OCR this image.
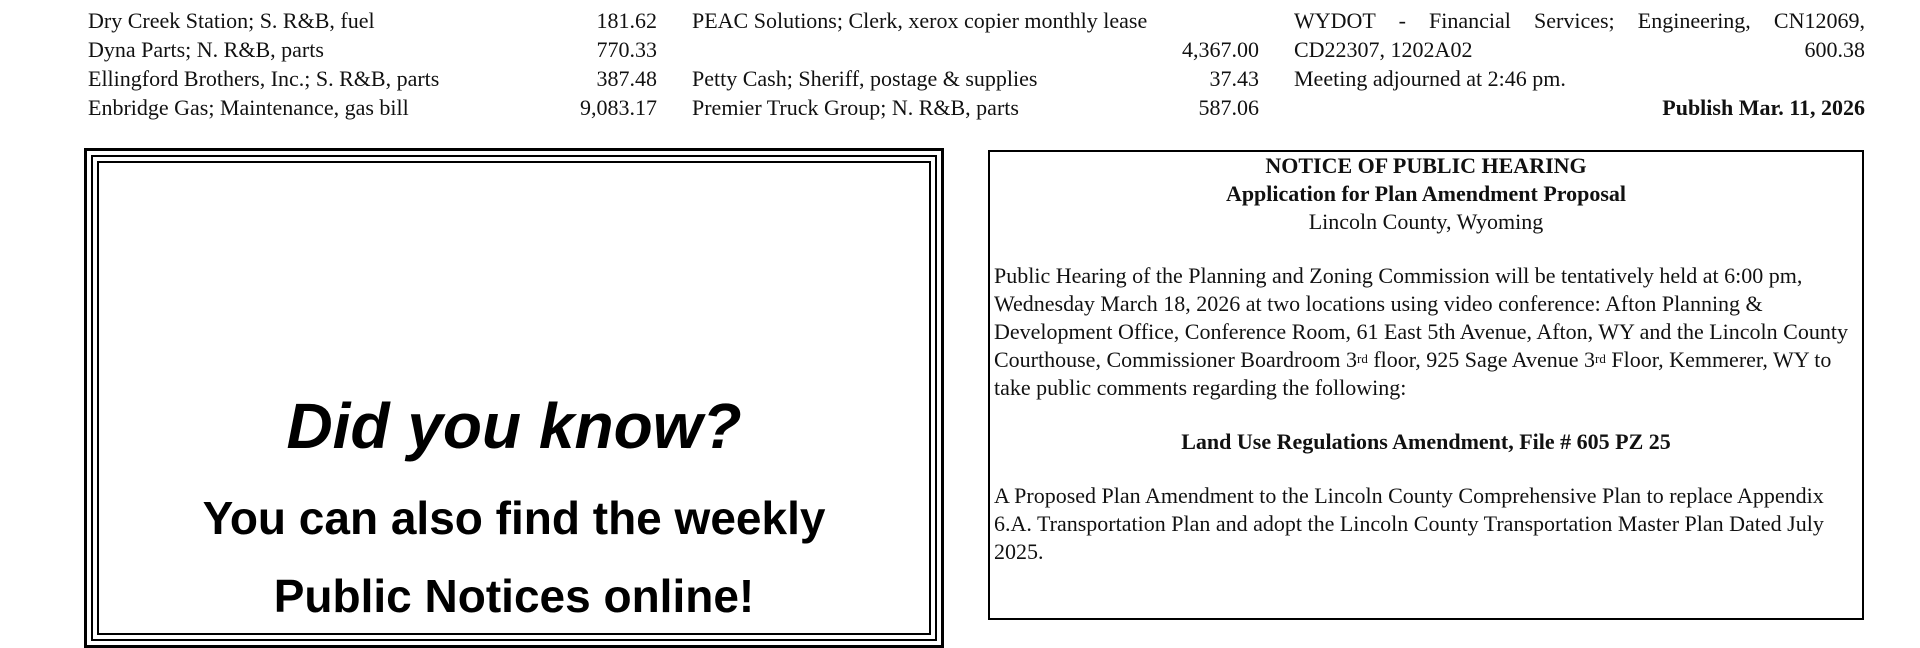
Dry Creek Station; S. R&B, fuel	181.62
Dyna Parts; N. R&B, parts	770.33
Ellingford Brothers, Inc.; S. R&B, parts	387.48
Enbridge Gas; Maintenance, gas bill	9,083.17

PEAC Solutions; Clerk, xerox copier monthly lease
4,367.00
Petty Cash; Sheriff, postage & supplies	37.43
Premier Truck Group; N. R&B, parts	587.06

WYDOT - Financial Services; Engineering, CN12069,
CD22307, 1202A02	600.38
Meeting adjourned at 2:46 pm.
Publish Mar. 11, 2026
Did you know?
You can also find the weekly
Public Notices online!
NOTICE OF PUBLIC HEARING
Application for Plan Amendment Proposal
Lincoln County, Wyoming

Public Hearing of the Planning and Zoning Commission will be tentatively held at 6:00 pm, Wednesday March 18, 2026 at two locations using video conference: Afton Planning & Development Office, Conference Room, 61 East 5th Avenue, Afton, WY and the Lincoln County Courthouse, Commissioner Boardroom 3rd floor, 925 Sage Avenue 3rd Floor, Kemmerer, WY to take public comments regarding the following:

Land Use Regulations Amendment, File # 605 PZ 25

A Proposed Plan Amendment to the Lincoln County Comprehensive Plan to replace Appendix 6.A. Transportation Plan and adopt the Lincoln County Transportation Master Plan Dated July 2025.
